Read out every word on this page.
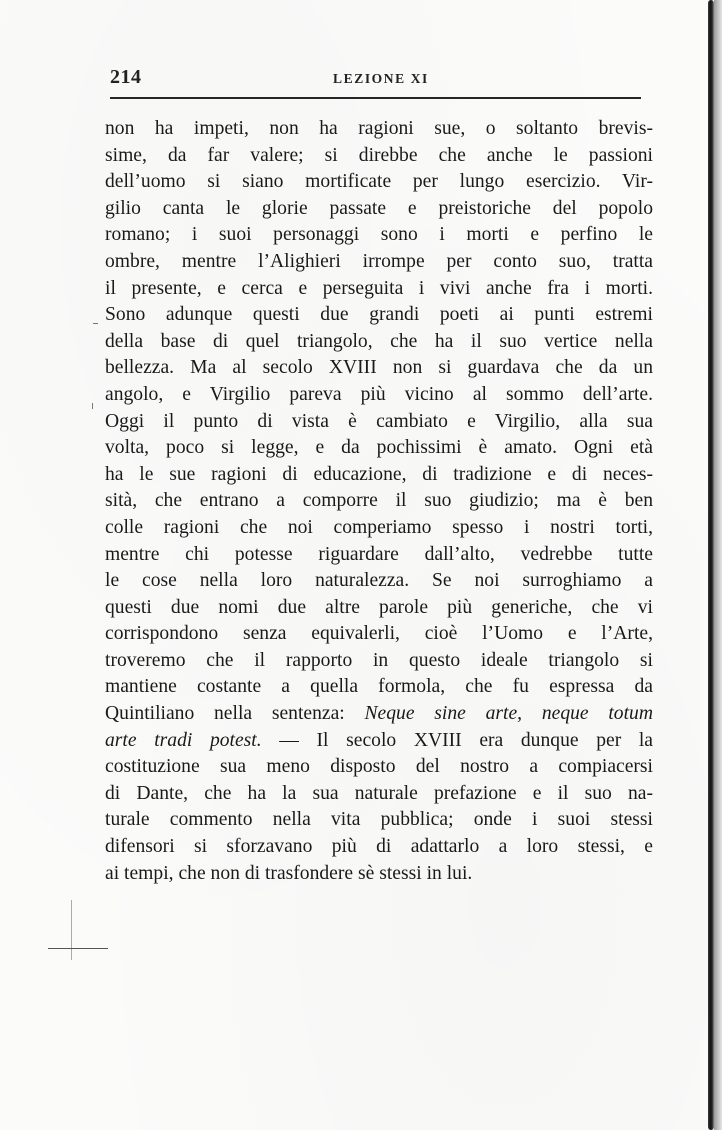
214	LEZIONE XI
non ha impeti, non ha ragioni sue, o soltanto brevis-
sime, da far valere; si direbbe che anche le passioni
dell’uomo si siano mortificate per lungo esercizio. Vir-
gilio canta le glorie passate e preistoriche del popolo
romano; i suoi personaggi sono i morti e perfino le
ombre, mentre l’Alighieri irrompe per conto suo, tratta
il presente, e cerca e perseguita i vivi anche fra i morti.
Sono adunque questi due grandi poeti ai punti estremi
della base di quel triangolo, che ha il suo vertice nella
bellezza. Ma al secolo XVIII non si guardava che da un
angolo, e Virgilio pareva più vicino al sommo dell’arte.
Oggi il punto di vista è cambiato e Virgilio, alla sua
volta, poco si legge, e da pochissimi è amato. Ogni età
ha le sue ragioni di educazione, di tradizione e di neces-
sità, che entrano a comporre il suo giudizio; ma è ben
colle ragioni che noi comperiamo spesso i nostri torti,
mentre chi potesse riguardare dall’alto, vedrebbe tutte
le cose nella loro naturalezza. Se noi surroghiamo a
questi due nomi due altre parole più generiche, che vi
corrispondono senza equivalerli, cioè l’Uomo e l’Arte,
troveremo che il rapporto in questo ideale triangolo si
mantiene costante a quella formola, che fu espressa da
Quintiliano nella sentenza: Neque sine arte, neque totum
arte tradi potest. — Il secolo XVIII era dunque per la
costituzione sua meno disposto del nostro a compiacersi
di Dante, che ha la sua naturale prefazione e il suo na-
turale commento nella vita pubblica; onde i suoi stessi
difensori si sforzavano più di adattarlo a loro stessi, e
ai tempi, che non di trasfondere sè stessi in lui.
